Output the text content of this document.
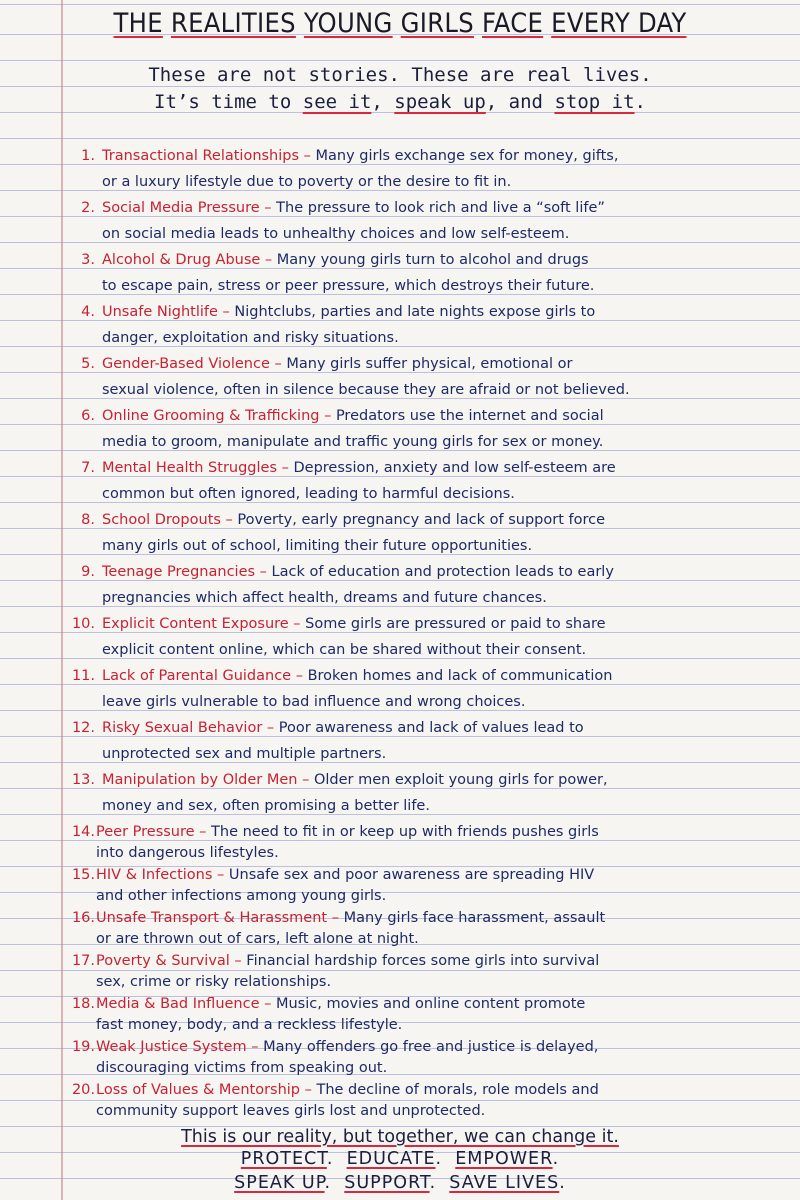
THE REALITIES YOUNG GIRLS FACE EVERY DAY
These are not stories. These are real lives.
It’s time to see it, speak up, and stop it.
1. Transactional Relationships – Many girls exchange sex for money, gifts,
or a luxury lifestyle due to poverty or the desire to fit in.
2. Social Media Pressure – The pressure to look rich and live a “soft life”
on social media leads to unhealthy choices and low self-esteem.
3. Alcohol & Drug Abuse – Many young girls turn to alcohol and drugs
to escape pain, stress or peer pressure, which destroys their future.
4. Unsafe Nightlife – Nightclubs, parties and late nights expose girls to
danger, exploitation and risky situations.
5. Gender-Based Violence – Many girls suffer physical, emotional or
sexual violence, often in silence because they are afraid or not believed.
6. Online Grooming & Trafficking – Predators use the internet and social
media to groom, manipulate and traffic young girls for sex or money.
7. Mental Health Struggles – Depression, anxiety and low self-esteem are
common but often ignored, leading to harmful decisions.
8. School Dropouts – Poverty, early pregnancy and lack of support force
many girls out of school, limiting their future opportunities.
9. Teenage Pregnancies – Lack of education and protection leads to early
pregnancies which affect health, dreams and future chances.
10. Explicit Content Exposure – Some girls are pressured or paid to share
explicit content online, which can be shared without their consent.
11. Lack of Parental Guidance – Broken homes and lack of communication
leave girls vulnerable to bad influence and wrong choices.
12. Risky Sexual Behavior – Poor awareness and lack of values lead to
unprotected sex and multiple partners.
13. Manipulation by Older Men – Older men exploit young girls for power,
money and sex, often promising a better life.
14. Peer Pressure – The need to fit in or keep up with friends pushes girls
into dangerous lifestyles.
15. HIV & Infections – Unsafe sex and poor awareness are spreading HIV
and other infections among young girls.
16. Unsafe Transport & Harassment – Many girls face harassment, assault
or are thrown out of cars, left alone at night.
17. Poverty & Survival – Financial hardship forces some girls into survival
sex, crime or risky relationships.
18. Media & Bad Influence – Music, movies and online content promote
fast money, body, and a reckless lifestyle.
19. Weak Justice System – Many offenders go free and justice is delayed,
discouraging victims from speaking out.
20. Loss of Values & Mentorship – The decline of morals, role models and
community support leaves girls lost and unprotected.
This is our reality, but together, we can change it.
PROTECT. EDUCATE. EMPOWER.
SPEAK UP. SUPPORT. SAVE LIVES.
